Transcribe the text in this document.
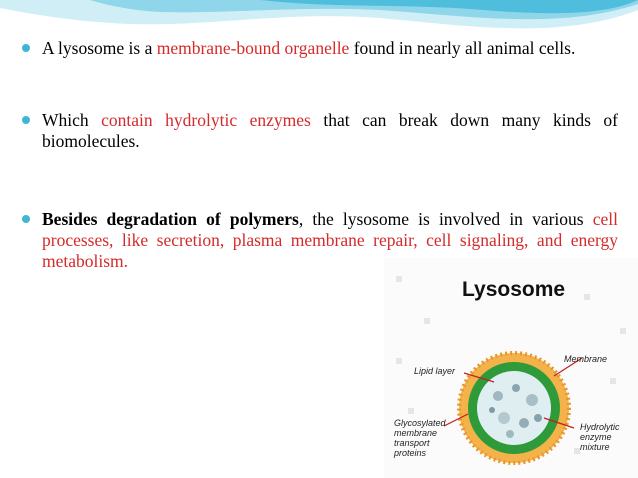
A lysosome is a membrane-bound organelle found in nearly all animal cells.
Which contain hydrolytic enzymes that can break down many kinds of biomolecules.
Besides degradation of polymers, the lysosome is involved in various cell processes, like secretion, plasma membrane repair, cell signaling, and energy metabolism.
Lysosome
Lipid layer
Membrane
Glycosylated membrane transport proteins
Hydrolytic enzyme mixture
